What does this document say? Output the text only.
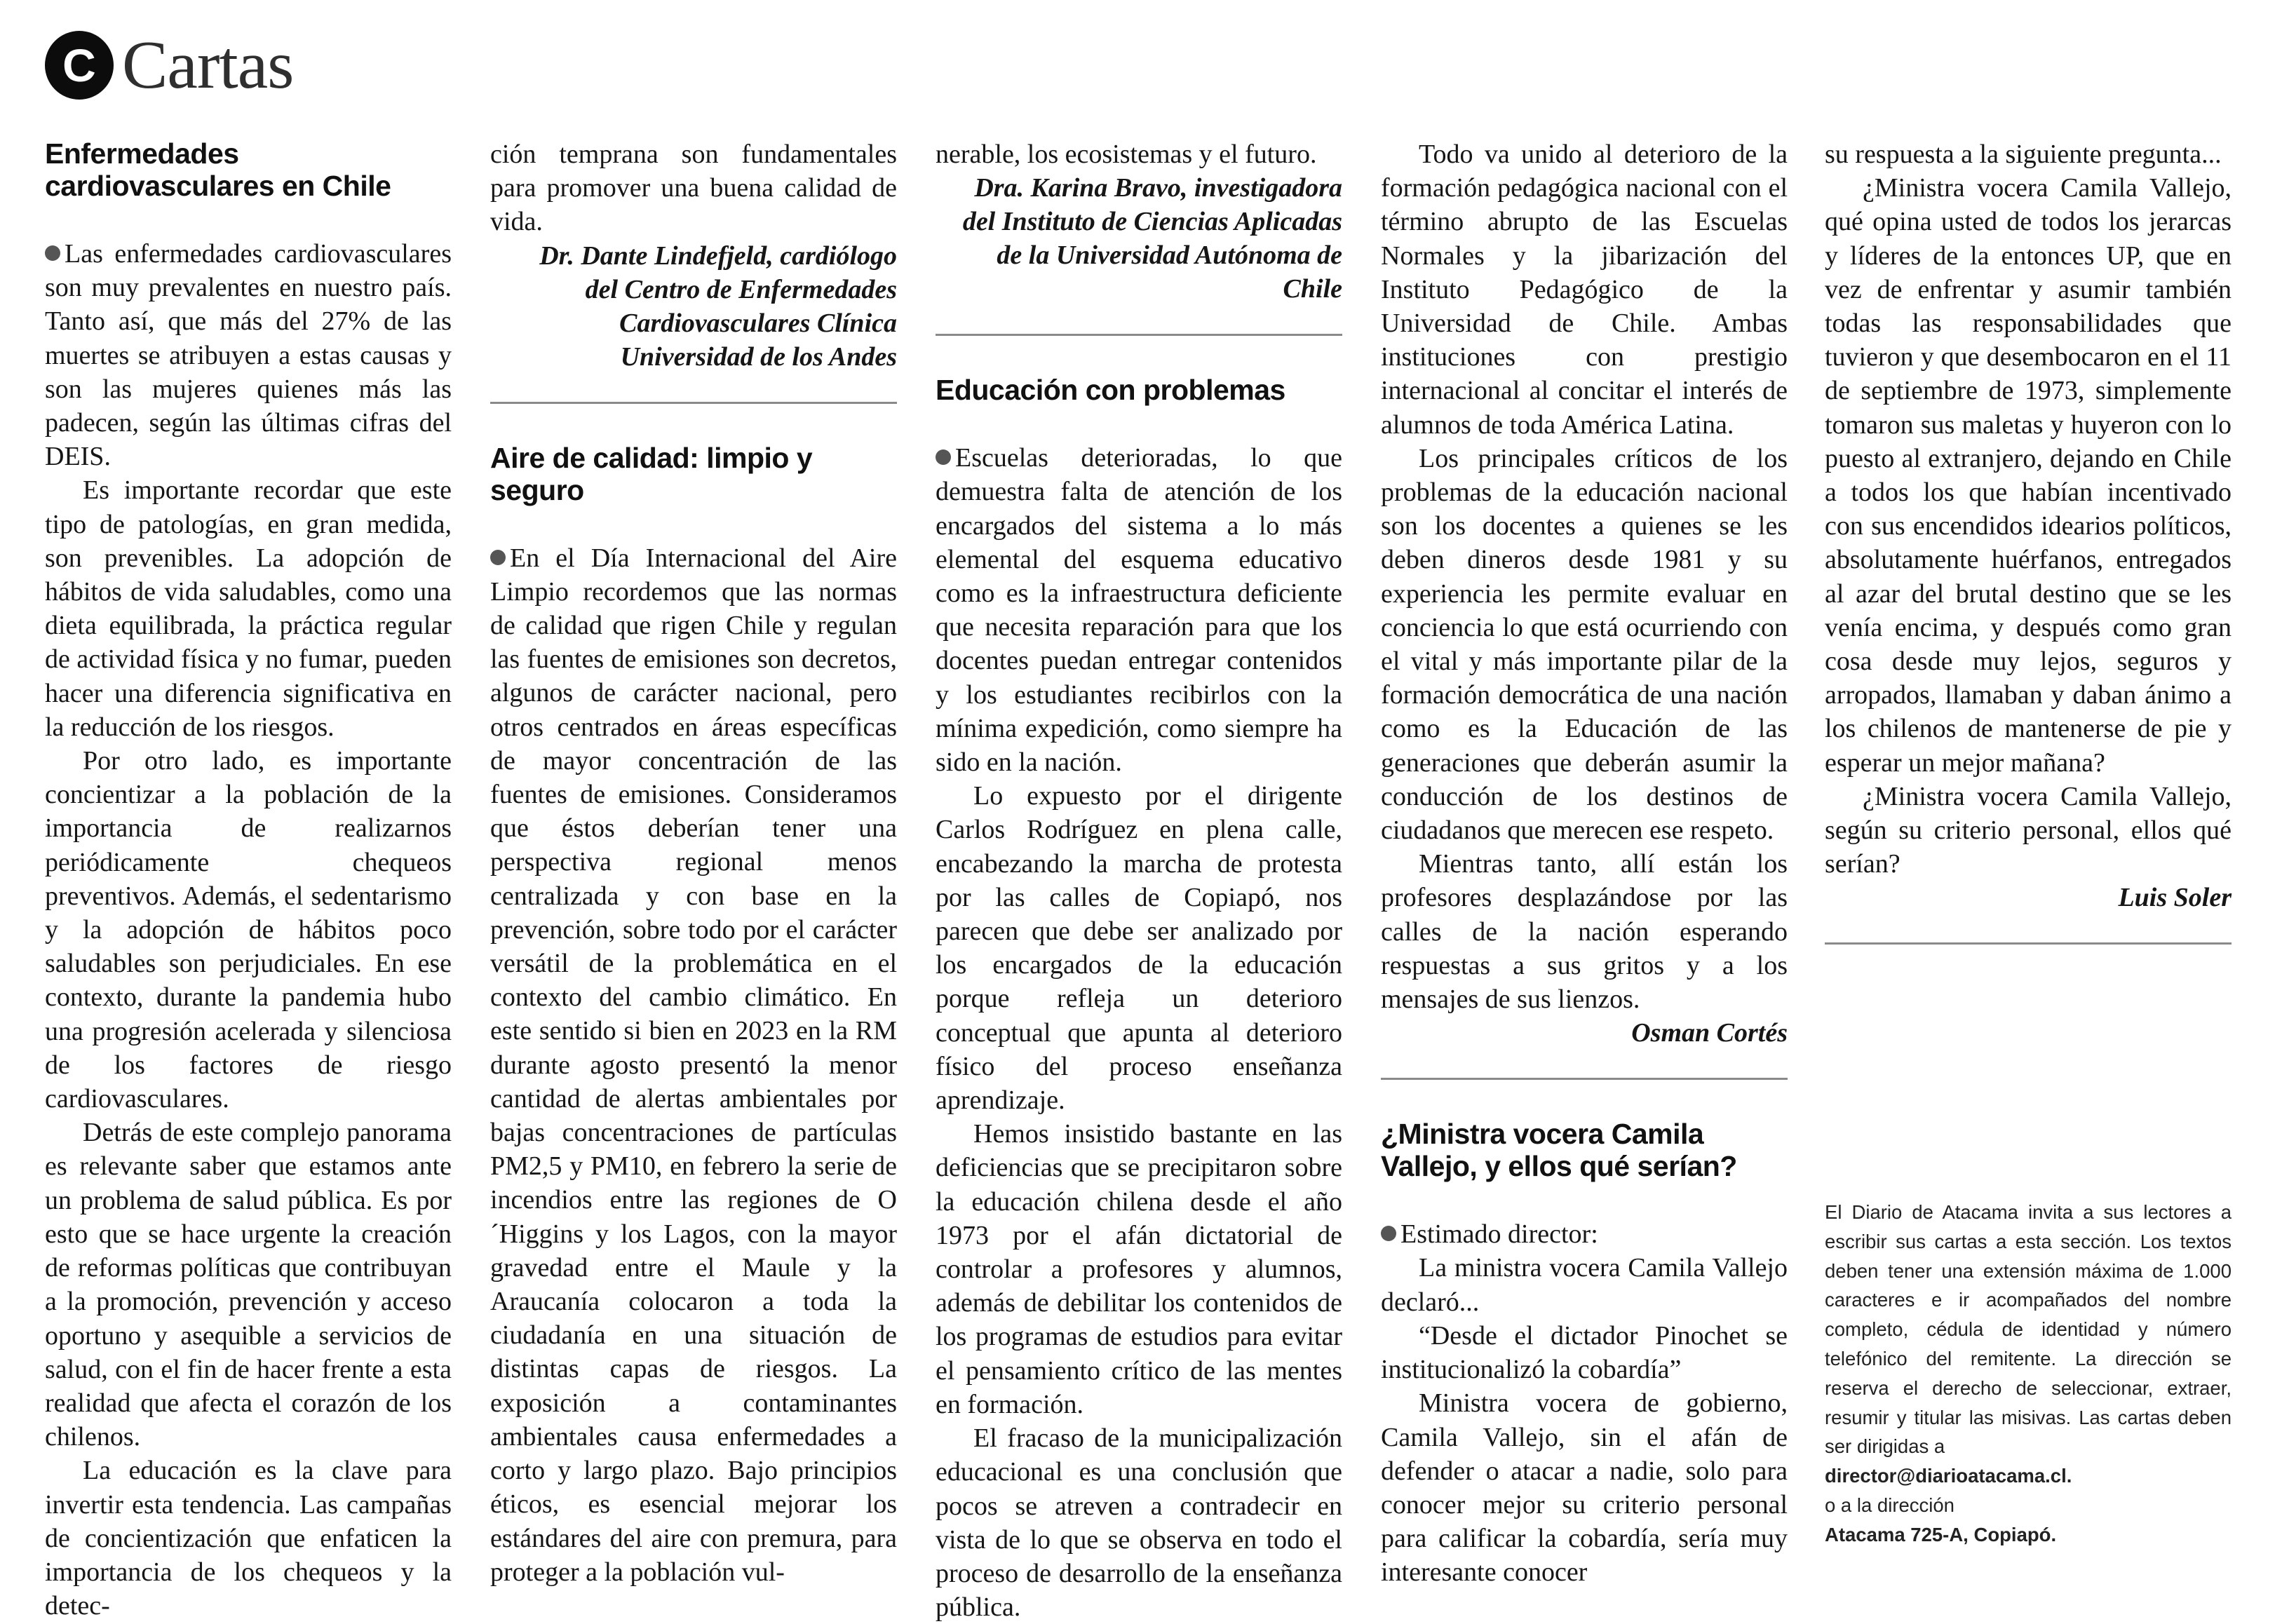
C Cartas
Enfermedades cardiovasculares en Chile

Las enfermedades cardiovasculares son muy prevalentes en nuestro país. Tanto así, que más del 27% de las muertes se atribuyen a estas causas y son las mujeres quienes más las padecen, según las últimas cifras del DEIS.

Es importante recordar que este tipo de patologías, en gran medida, son prevenibles. La adopción de hábitos de vida saludables, como una dieta equilibrada, la práctica regular de actividad física y no fumar, pueden hacer una diferencia significativa en la reducción de los riesgos.

Por otro lado, es importante concientizar a la población de la importancia de realizarnos periódicamente chequeos preventivos. Además, el sedentarismo y la adopción de hábitos poco saludables son perjudiciales. En ese contexto, durante la pandemia hubo una progresión acelerada y silenciosa de los factores de riesgo cardiovasculares.

Detrás de este complejo panorama es relevante saber que estamos ante un problema de salud pública. Es por esto que se hace urgente la creación de reformas políticas que contribuyan a la promoción, prevención y acceso oportuno y asequible a servicios de salud, con el fin de hacer frente a esta realidad que afecta el corazón de los chilenos.

La educación es la clave para invertir esta tendencia. Las campañas de concientización que enfaticen la importancia de los chequeos y la detec-

ción temprana son fundamentales para promover una buena calidad de vida.

Dr. Dante Lindefjeld, cardiólogo del Centro de Enfermedades Cardiovasculares Clínica Universidad de los Andes

Aire de calidad: limpio y seguro

En el Día Internacional del Aire Limpio recordemos que las normas de calidad que rigen Chile y regulan las fuentes de emisiones son decretos, algunos de carácter nacional, pero otros centrados en áreas específicas de mayor concentración de las fuentes de emisiones. Consideramos que éstos deberían tener una perspectiva regional menos centralizada y con base en la prevención, sobre todo por el carácter versátil de la problemática en el contexto del cambio climático. En este sentido si bien en 2023 en la RM durante agosto presentó la menor cantidad de alertas ambientales por bajas concentraciones de partículas PM2,5 y PM10, en febrero la serie de incendios entre las regiones de O´Higgins y los Lagos, con la mayor gravedad entre el Maule y la Araucanía colocaron a toda la ciudadanía en una situación de distintas capas de riesgos. La exposición a contaminantes ambientales causa enfermedades a corto y largo plazo. Bajo principios éticos, es esencial mejorar los estándares del aire con premura, para proteger a la población vul-

nerable, los ecosistemas y el futuro.

Dra. Karina Bravo, investigadora del Instituto de Ciencias Aplicadas de la Universidad Autónoma de Chile

Educación con problemas

Escuelas deterioradas, lo que demuestra falta de atención de los encargados del sistema a lo más elemental del esquema educativo como es la infraestructura deficiente que necesita reparación para que los docentes puedan entregar contenidos y los estudiantes recibirlos con la mínima expedición, como siempre ha sido en la nación.

Lo expuesto por el dirigente Carlos Rodríguez en plena calle, encabezando la marcha de protesta por las calles de Copiapó, nos parecen que debe ser analizado por los encargados de la educación porque refleja un deterioro conceptual que apunta al deterioro físico del proceso enseñanza aprendizaje.

Hemos insistido bastante en las deficiencias que se precipitaron sobre la educación chilena desde el año 1973 por el afán dictatorial de controlar a profesores y alumnos, además de debilitar los contenidos de los programas de estudios para evitar el pensamiento crítico de las mentes en formación.

El fracaso de la municipalización educacional es una conclusión que pocos se atreven a contradecir en vista de lo que se observa en todo el proceso de desarrollo de la enseñanza pública.

Todo va unido al deterioro de la formación pedagógica nacional con el término abrupto de las Escuelas Normales y la jibarización del Instituto Pedagógico de la Universidad de Chile. Ambas instituciones con prestigio internacional al concitar el interés de alumnos de toda América Latina.

Los principales críticos de los problemas de la educación nacional son los docentes a quienes se les deben dineros desde 1981 y su experiencia les permite evaluar en conciencia lo que está ocurriendo con el vital y más importante pilar de la formación democrática de una nación como es la Educación de las generaciones que deberán asumir la conducción de los destinos de ciudadanos que merecen ese respeto.

Mientras tanto, allí están los profesores desplazándose por las calles de la nación esperando respuestas a sus gritos y a los mensajes de sus lienzos.

Osman Cortés

¿Ministra vocera Camila Vallejo, y ellos qué serían?

Estimado director:

La ministra vocera Camila Vallejo declaró...

“Desde el dictador Pinochet se institucionalizó la cobardía”

Ministra vocera de gobierno, Camila Vallejo, sin el afán de defender o atacar a nadie, solo para conocer mejor su criterio personal para calificar la cobardía, sería muy interesante conocer

su respuesta a la siguiente pregunta...

¿Ministra vocera Camila Vallejo, qué opina usted de todos los jerarcas y líderes de la entonces UP, que en vez de enfrentar y asumir también todas las responsabilidades que tuvieron y que desembocaron en el 11 de septiembre de 1973, simplemente tomaron sus maletas y huyeron con lo puesto al extranjero, dejando en Chile a todos los que habían incentivado con sus encendidos idearios políticos, absolutamente huérfanos, entregados al azar del brutal destino que se les venía encima, y después como gran cosa desde muy lejos, seguros y arropados, llamaban y daban ánimo a los chilenos de mantenerse de pie y esperar un mejor mañana?

¿Ministra vocera Camila Vallejo, según su criterio personal, ellos qué serían?

Luis Soler

El Diario de Atacama invita a sus lectores a escribir sus cartas a esta sección. Los textos deben tener una extensión máxima de 1.000 caracteres e ir acompañados del nombre completo, cédula de identidad y número telefónico del remitente. La dirección se reserva el derecho de seleccionar, extraer, resumir y titular las misivas. Las cartas deben ser dirigidas a

director@diarioatacama.cl.

o a la dirección

Atacama 725-A, Copiapó.
